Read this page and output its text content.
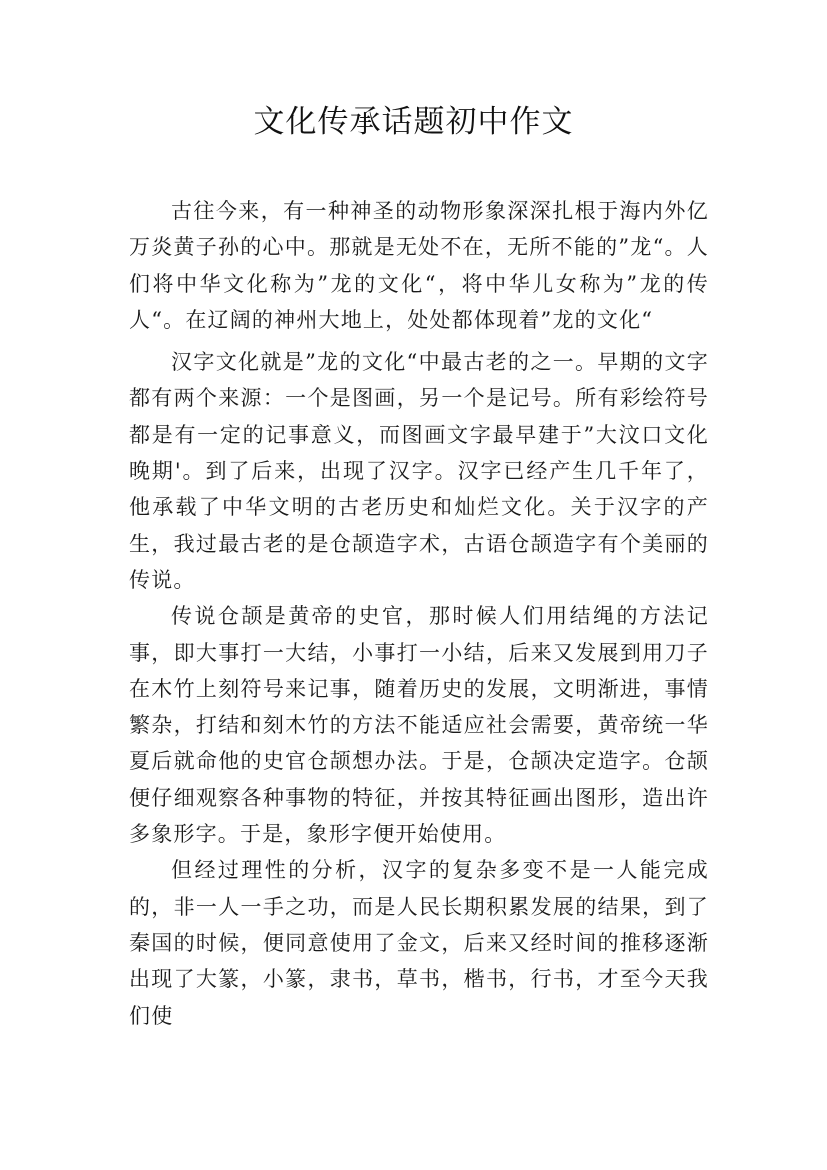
文化传承话题初中作文

古往今来，有一种神圣的动物形象深深扎根于海内外亿万炎黄子孙的心中。那就是无处不在，无所不能的”龙“。人们将中华文化称为”龙的文化“，将中华儿女称为”龙的传人“。在辽阔的神州大地上，处处都体现着”龙的文化“

汉字文化就是”龙的文化“中最古老的之一。早期的文字都有两个来源：一个是图画，另一个是记号。所有彩绘符号都是有一定的记事意义，而图画文字最早建于”大汶口文化晚期'。到了后来，出现了汉字。汉字已经产生几千年了，他承载了中华文明的古老历史和灿烂文化。关于汉字的产生，我过最古老的是仓颉造字术，古语仓颉造字有个美丽的传说。

传说仓颉是黄帝的史官，那时候人们用结绳的方法记事，即大事打一大结，小事打一小结，后来又发展到用刀子在木竹上刻符号来记事，随着历史的发展，文明渐进，事情繁杂，打结和刻木竹的方法不能适应社会需要，黄帝统一华夏后就命他的史官仓颉想办法。于是，仓颉决定造字。仓颉便仔细观察各种事物的特征，并按其特征画出图形，造出许多象形字。于是，象形字便开始使用。

但经过理性的分析，汉字的复杂多变不是一人能完成的，非一人一手之功，而是人民长期积累发展的结果，到了秦国的时候，便同意使用了金文，后来又经时间的推移逐渐出现了大篆，小篆，隶书，草书，楷书，行书，才至今天我们使
